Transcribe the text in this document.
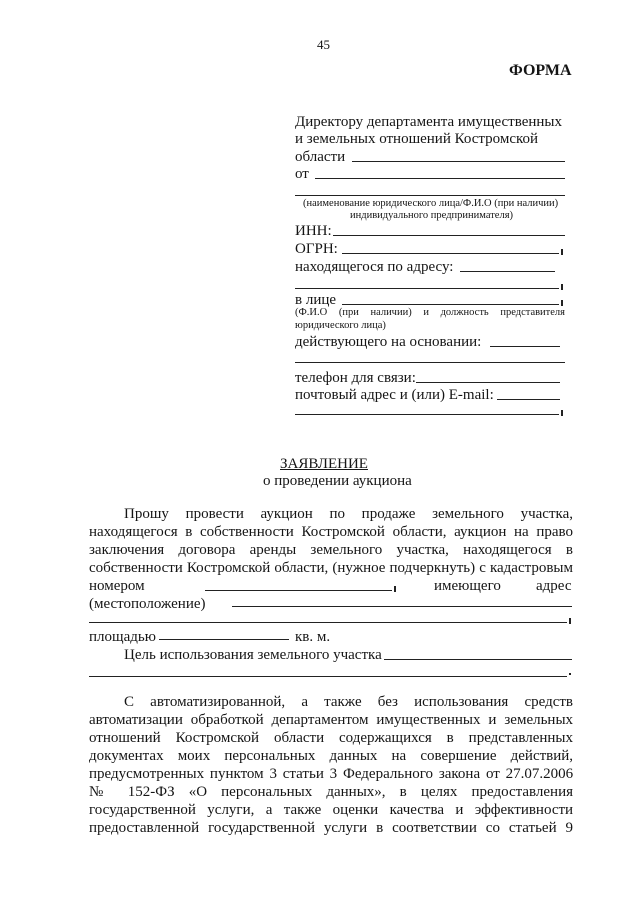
45
ФОРМА
Директору департамента имущественных
и земельных отношений Костромской
области
от
(наименование юридического лица/Ф.И.О (при наличии)
индивидуального предпринимателя)
ИНН:
ОГРН:
находящегося по адресу:
в лице
(Ф.И.О (при наличии) и должность представителя
юридического лица)
действующего на основании:
телефон для связи:
почтовый адрес и (или) E-mail:
ЗАЯВЛЕНИЕ
о проведении аукциона
Прошу провести аукцион по продаже земельного участка,
находящегося в собственности Костромской области, аукцион на право
заключения договора аренды земельного участка, находящегося в
собственности Костромской области, (нужное подчеркнуть) с кадастровым
номером	имеющего адрес
(местоположение)
площадью	кв. м.
Цель использования земельного участка
С автоматизированной, а также без использования средств
автоматизации обработкой департаментом имущественных и земельных
отношений Костромской области содержащихся в представленных
документах моих персональных данных на совершение действий,
предусмотренных пунктом 3 статьи 3 Федерального закона от 27.07.2006
№ 152-ФЗ «О персональных данных», в целях предоставления
государственной услуги, а также оценки качества и эффективности
предоставленной государственной услуги в соответствии со статьей 9
